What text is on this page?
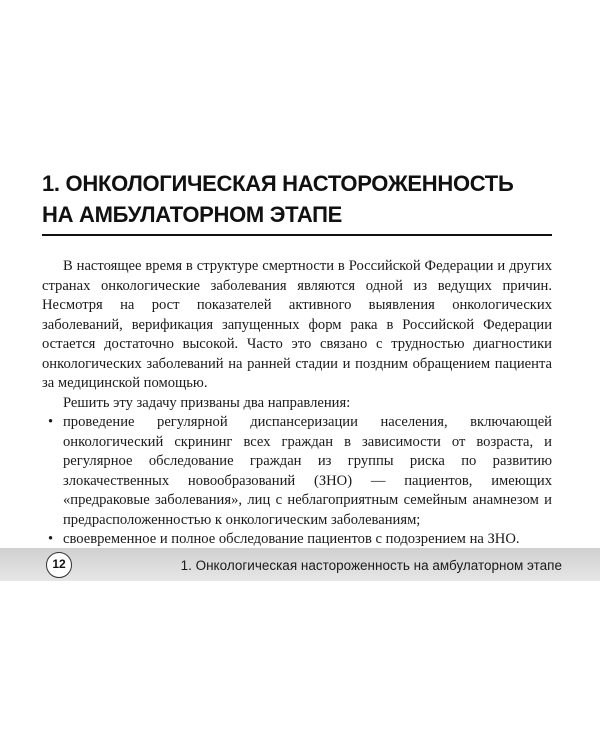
1. ОНКОЛОГИЧЕСКАЯ НАСТОРОЖЕННОСТЬ
НА АМБУЛАТОРНОМ ЭТАПЕ

В настоящее время в структуре смертности в Российской Федерации и других странах онкологические заболевания являются одной из ведущих причин. Несмотря на рост показателей активного выявления онкологических заболеваний, верификация запущенных форм рака в Российской Федерации остается достаточно высокой. Часто это связано с трудностью диагностики онкологических заболеваний на ранней стадии и поздним обращением пациента за медицинской помощью.

Решить эту задачу призваны два направления:

• проведение регулярной диспансеризации населения, включающей онкологический скрининг всех граждан в зависимости от возраста, и регулярное обследование граждан из группы риска по развитию злокачественных новообразований (ЗНО) — пациентов, имеющих «предраковые заболевания», лиц с неблагоприятным семейным анамнезом и предрасположенностью к онкологическим заболеваниям;
• своевременное и полное обследование пациентов с подозрением на ЗНО.
12	1. Онкологическая настороженность на амбулаторном этапе
